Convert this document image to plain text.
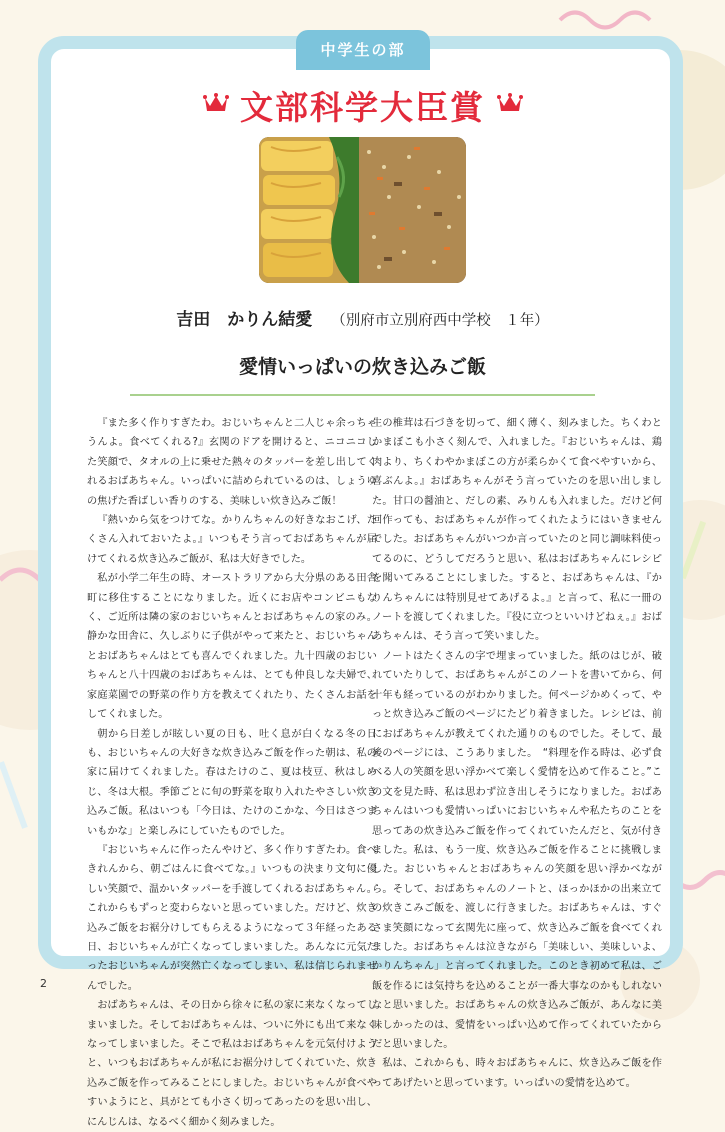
中学生の部
文部科学大臣賞
吉田　かりん結愛 （別府市立別府西中学校　１年）
愛情いっぱいの炊き込みご飯

『また多く作りすぎたわ。おじいちゃんと二人じゃ余っちゃうんよ。食べてくれる?』玄関のドアを開けると、ニコニコした笑顔で、タオルの上に乗せた熱々のタッパーを差し出してくれるおばあちゃん。いっぱいに詰められているのは、しょうゆの焦げた香ばしい香りのする、美味しい炊き込みご飯！

『熱いから気をつけてな。かりんちゃんの好きなおこげ、たくさん入れておいたよ。』いつもそう言っておばあちゃんが届けてくれる炊き込みご飯が、私は大好きでした。

私が小学二年生の時、オーストラリアから大分県のある田舎町に移住することになりました。近くにお店やコンビニもなく、ご近所は隣の家のおじいちゃんとおばあちゃんの家のみ。静かな田舎に、久しぶりに子供がやって来たと、おじいちゃんとおばあちゃんはとても喜んでくれました。九十四歳のおじいちゃんと八十四歳のおばあちゃんは、とても仲良しな夫婦で、家庭菜園での野菜の作り方を教えてくれたり、たくさんお話をしてくれました。

朝から日差しが眩しい夏の日も、吐く息が白くなる冬の日も、おじいちゃんの大好きな炊き込みご飯を作った朝は、私の家に届けてくれました。春はたけのこ、夏は枝豆、秋はしめじ、冬は大根。季節ごとに旬の野菜を取り入れたやさしい炊き込みご飯。私はいつも「今日は、たけのこかな、今日はさつまいもかな」と楽しみにしていたものでした。

『おじいちゃんに作ったんやけど、多く作りすぎたわ。食べきれんから、朝ごはんに食べてな。』いつもの決まり文句に優しい笑顔で、温かいタッパーを手渡してくれるおばあちゃん。これからもずっと変わらないと思っていました。だけど、炊き込みご飯をお裾分けしてもらえるようになって３年経ったある日、おじいちゃんが亡くなってしまいました。あんなに元気だったおじいちゃんが突然亡くなってしまい、私は信じられませんでした。

おばあちゃんは、その日から徐々に私の家に来なくなってしまいました。そしておばあちゃんは、ついに外にも出て来なくなってしまいました。そこで私はおばあちゃんを元気付けようと、いつもおばあちゃんが私にお裾分けしてくれていた、炊き込みご飯を作ってみることにしました。おじいちゃんが食べやすいようにと、具がとても小さく切ってあったのを思い出し、にんじんは、なるべく細かく刻みました。

生の椎茸は石づきを切って、細く薄く、刻みました。ちくわとかまぼこも小さく刻んで、入れました。『おじいちゃんは、鶏肉より、ちくわやかまぼこの方が柔らかくて食べやすいから、喜ぶんよ。』おばあちゃんがそう言っていたのを思い出しました。甘口の醤油と、だしの素、みりんも入れました。だけど何回作っても、おばあちゃんが作ってくれたようにはいきませんでした。おばあちゃんがいつか言っていたのと同じ調味料使ってるのに、どうしてだろうと思い、私はおばあちゃんにレシピを聞いてみることにしました。すると、おばあちゃんは、『かりんちゃんには特別見せてあげるよ。』と言って、私に一冊のノートを渡してくれました。『役に立つといいけどねぇ。』おばあちゃんは、そう言って笑いました。

ノートはたくさんの字で埋まっていました。紙のはじが、破れていたりして、おばあちゃんがこのノートを書いてから、何十年も経っているのがわかりました。何ページかめくって、やっと炊き込みご飯のページにたどり着きました。レシピは、前におばあちゃんが教えてくれた通りのものでした。そして、最後のページには、こうありました。　“料理を作る時は、必ず食べる人の笑顔を思い浮かべて楽しく愛情を込めて作ること。”この文を見た時、私は思わず泣き出しそうになりました。おばあちゃんはいつも愛情いっぱいにおじいちゃんや私たちのことを思ってあの炊き込みご飯を作ってくれていたんだと、気が付きました。私は、もう一度、炊き込みご飯を作ることに挑戦しました。おじいちゃんとおばあちゃんの笑顔を思い浮かべながら。そして、おばあちゃんのノートと、ほっかほかの出来立ての炊きこみご飯を、渡しに行きました。おばあちゃんは、すぐさま笑顔になって玄関先に座って、炊き込みご飯を食べてくれました。おばあちゃんは泣きながら「美味しい、美味しいよ、かりんちゃん」と言ってくれました。このとき初めて私は、ご飯を作るには気持ちを込めることが一番大事なのかもしれないなと思いました。おばあちゃんの炊き込みご飯が、あんなに美味しかったのは、愛情をいっぱい込めて作ってくれていたからだと思いました。

私は、これからも、時々おばあちゃんに、炊き込みご飯を作ってあげたいと思っています。いっぱいの愛情を込めて。

2
